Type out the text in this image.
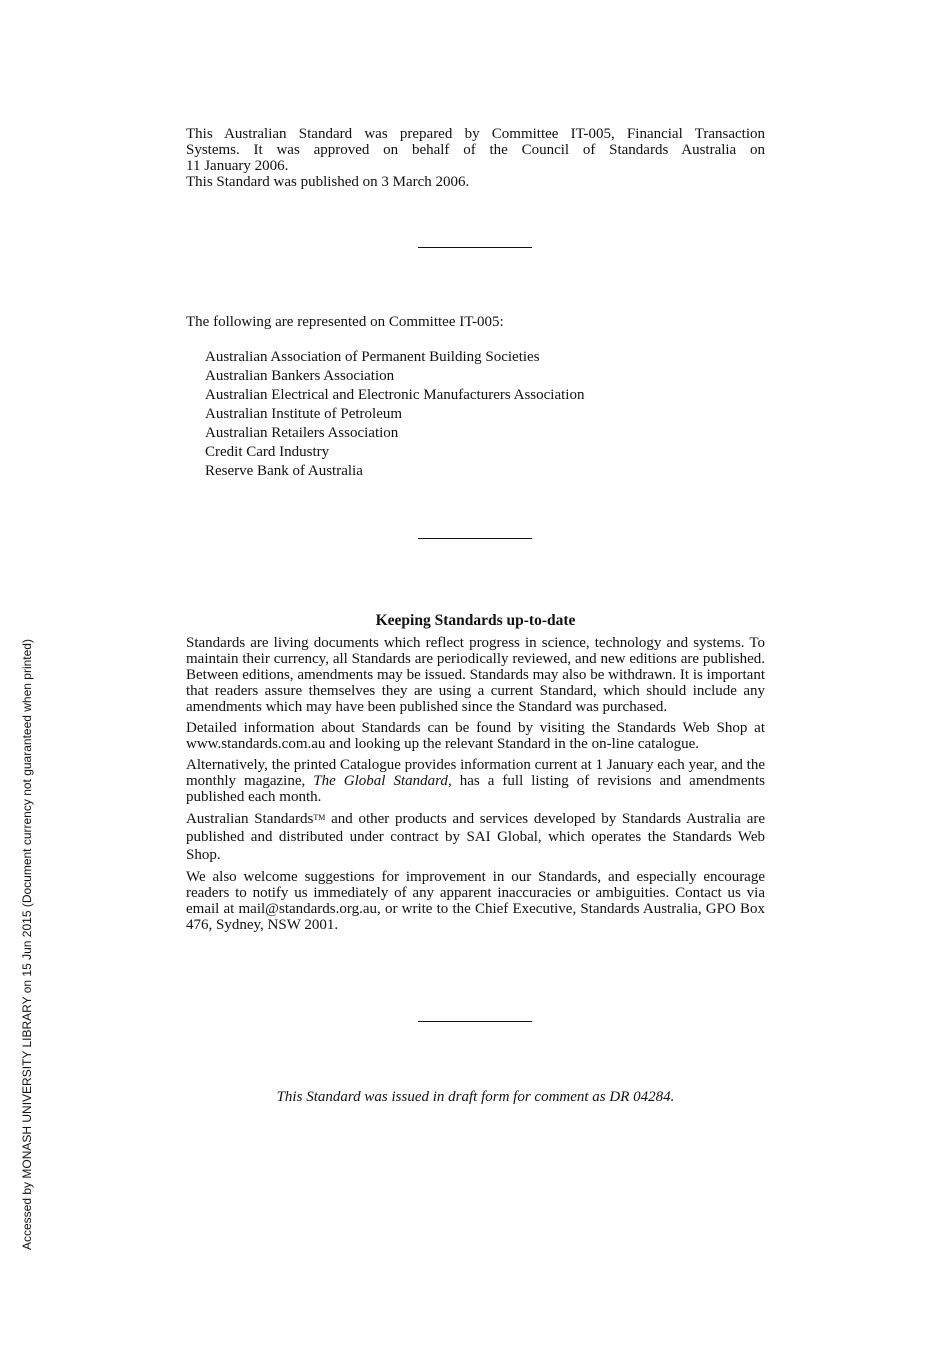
This Australian Standard was prepared by Committee IT-005, Financial Transaction
Systems. It was approved on behalf of the Council of Standards Australia on
11 January 2006.
This Standard was published on 3 March 2006.
The following are represented on Committee IT-005:
Australian Association of Permanent Building Societies
Australian Bankers Association
Australian Electrical and Electronic Manufacturers Association
Australian Institute of Petroleum
Australian Retailers Association
Credit Card Industry
Reserve Bank of Australia
Keeping Standards up-to-date

Standards are living documents which reflect progress in science, technology and systems. To maintain their currency, all Standards are periodically reviewed, and new editions are published. Between editions, amendments may be issued. Standards may also be withdrawn. It is important that readers assure themselves they are using a current Standard, which should include any amendments which may have been published since the Standard was purchased.

Detailed information about Standards can be found by visiting the Standards Web Shop at www.standards.com.au and looking up the relevant Standard in the on-line catalogue.

Alternatively, the printed Catalogue provides information current at 1 January each year, and the monthly magazine, The Global Standard, has a full listing of revisions and amendments published each month.

Australian Standards™ and other products and services developed by Standards Australia are published and distributed under contract by SAI Global, which operates the Standards Web Shop.

We also welcome suggestions for improvement in our Standards, and especially encourage readers to notify us immediately of any apparent inaccuracies or ambiguities. Contact us via email at mail@standards.org.au, or write to the Chief Executive, Standards Australia, GPO Box 476, Sydney, NSW 2001.

This Standard was issued in draft form for comment as DR 04284.
Accessed by MONASH UNIVERSITY LIBRARY on 15 Jun 2015 (Document currency not guaranteed when printed)
